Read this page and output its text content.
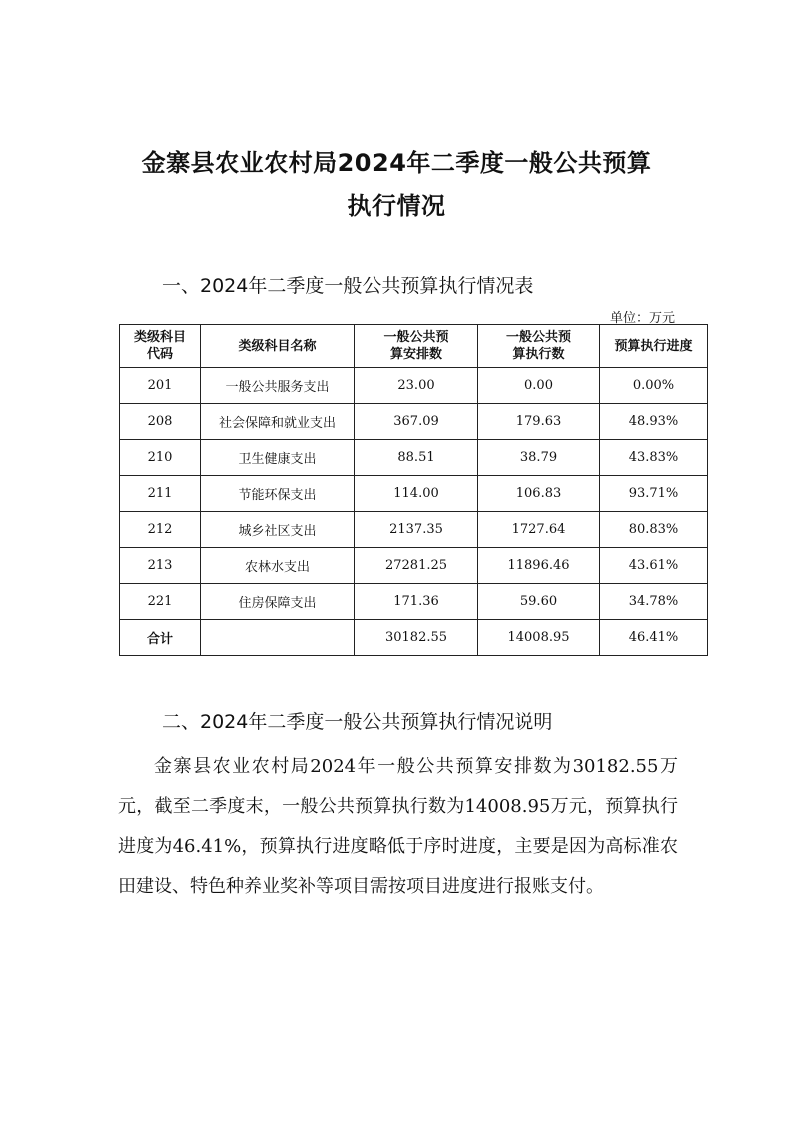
金寨县农业农村局2024年二季度一般公共预算
执行情况
一、2024年二季度一般公共预算执行情况表
单位：万元
类级科目代码	类级科目名称	一般公共预算安排数	一般公共预算执行数	预算执行进度
201	一般公共服务支出	23.00	0.00	0.00%
208	社会保障和就业支出	367.09	179.63	48.93%
210	卫生健康支出	88.51	38.79	43.83%
211	节能环保支出	114.00	106.83	93.71%
212	城乡社区支出	2137.35	1727.64	80.83%
213	农林水支出	27281.25	11896.46	43.61%
221	住房保障支出	171.36	59.60	34.78%
合计		30182.55	14008.95	46.41%
二、2024年二季度一般公共预算执行情况说明

金寨县农业农村局2024年一般公共预算安排数为30182.55万元，截至二季度末，一般公共预算执行数为14008.95万元，预算执行进度为46.41%，预算执行进度略低于序时进度，主要是因为高标准农田建设、特色种养业奖补等项目需按项目进度进行报账支付。
